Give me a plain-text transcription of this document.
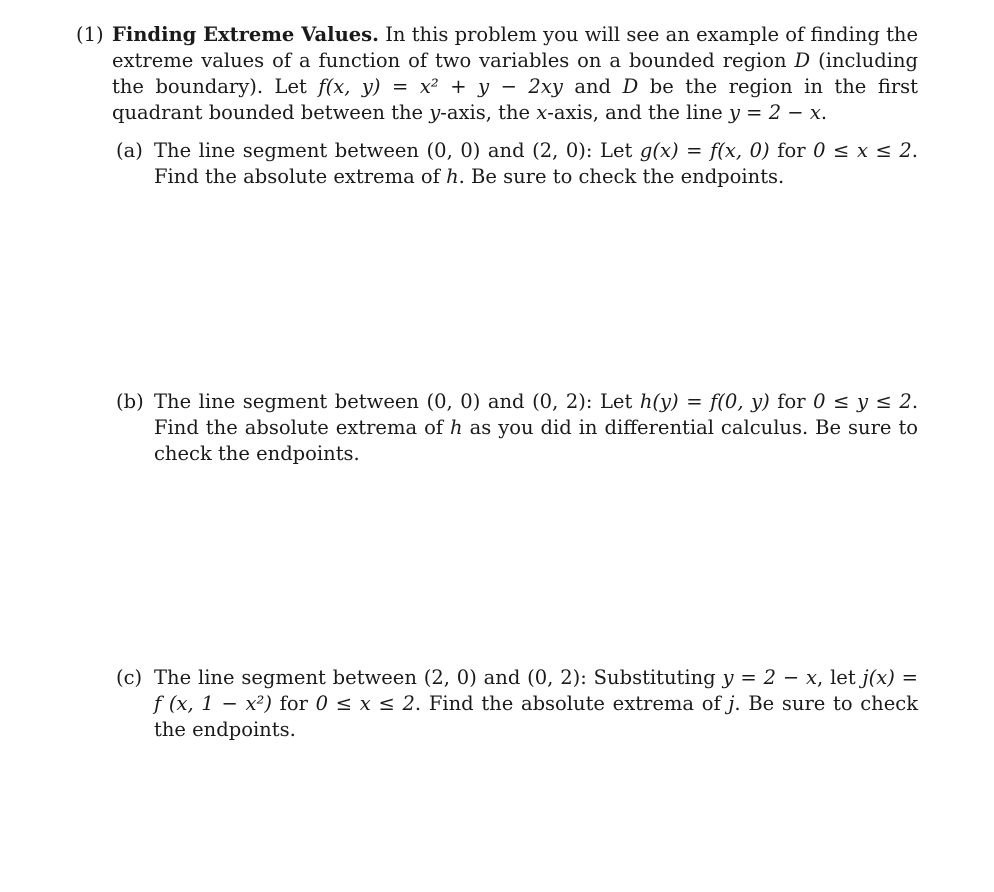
(1) Finding Extreme Values. In this problem you will see an example of finding the extreme values of a function of two variables on a bounded region D (including the boundary). Let f(x, y) = x² + y − 2xy and D be the region in the first quadrant bounded between the y-axis, the x-axis, and the line y = 2 − x.
(a) The line segment between (0, 0) and (2, 0): Let g(x) = f(x, 0) for 0 ≤ x ≤ 2. Find the absolute extrema of h. Be sure to check the endpoints.
(b) The line segment between (0, 0) and (0, 2): Let h(y) = f(0, y) for 0 ≤ y ≤ 2. Find the absolute extrema of h as you did in differential calculus. Be sure to check the endpoints.
(c) The line segment between (2, 0) and (0, 2): Substituting y = 2 − x, let j(x) = f (x, 1 − x²) for 0 ≤ x ≤ 2. Find the absolute extrema of j. Be sure to check the endpoints.
